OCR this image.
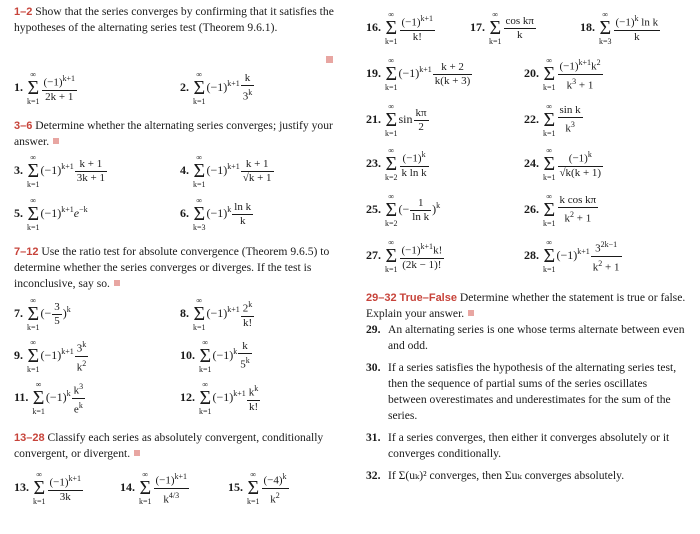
1–2 Show that the series converges by confirming that it satisfies the hypotheses of the alternating series test (Theorem 9.6.1).
1.
∞
Σ
$k=1 \frac{(-1)^{k+1}}{2k + 1}$	2.
∞
Σ
k=1
$(-1)^{k+1} \frac{k}{3^k}$
3–6 Determine whether the alternating series converges; justify your answer.
3.
∞
Σ
k=1
$(-1)^{k+1} \frac{k + 1}{3k + 1}$	4.
∞
Σ
k=1
$(-1)^{k+1} \frac{k + 1}{√k + 1}$
5.
∞
Σ
k=1
$(-1)^{k+1}e^{-k}$	6.
∞
Σ
k=3
$(-1)^k \frac{\text{ln k}}{k}$
7–12 Use the ratio test for absolute convergence (Theorem 9.6.5) to determine whether the series converges or diverges. If the test is inconclusive, say so.
7.
∞
Σ
k=1
(− $\frac{3}{5} )^k$	8.
∞
Σ
k=1
$(-1)^{k+1} \frac{2^k}{k!}$
9.
∞
Σ
k=1
$(-1)^{k+1} \frac{3^k}{k^2}$	10.
∞
Σ
k=1
$(-1)^k \frac{k}{5^k}$
11.
∞
Σ
k=1
$(-1)^k \frac{k^3}{e^k}$	12.
∞
Σ
k=1
$(-1)^{k+1} \frac{k^k}{k!}$
13–28 Classify each series as absolutely convergent, conditionally convergent, or divergent.
13.
∞
Σ
$k=1 \frac{(-1)^{k+1}}{3k}$	14.
∞
Σ
$k=1 \frac{(-1)^{k+1}}{k^{4/3}}$	15.
∞
Σ
$k=1 \frac{(-4)^k}{k^2}$
16.
∞
Σ
$k=1 \frac{(-1)^{k+1}}{k!}$	17.
∞
Σ
$k=1 \frac{\text{cos kπ}}{k}$	18.
∞
Σ
$k=3 \frac{(-1)^k \ln k}{k}$
19.
∞
Σ
k=1
$(-1)^{k+1} \frac{k + 2}{k(k + 3)}$	20.
∞
Σ
$k=1 \frac{(-1)^{k+1}k^2}{k^3 + 1}$
21.
∞
Σ
k=1
$\sin \frac{k\pi}{2}$	22.
∞
Σ
$k=1 \frac{\text{sin k}}{k^3}$
23.
∞
Σ
$k=2 \frac{(-1)^k}{\text{k ln k}}$	24.
∞
Σ
$k=1 \frac{(-1)^k}{√k(k + 1)}$
25.
∞
Σ
k=2
(− $\frac{1}{\text{ln k}} )^k$	26.
∞
Σ
$k=1 \frac{\text{k cos kπ}}{k^2 + 1}$
27.
∞
Σ
$k=1 \frac{(-1)^{k+1}k!}{(2k - 1)!}$	28.
∞
Σ
k=1
$(-1)^{k+1} \frac{3^{2k-1}}{k^2 + 1}$
29–32 True–False Determine whether the statement is true or false. Explain your answer.
29. An alternating series is one whose terms alternate between even and odd.
30. If a series satisfies the hypothesis of the alternating series test, then the sequence of partial sums of the series oscillates between overestimates and underestimates for the sum of the series.
31. If a series converges, then either it converges absolutely or it converges conditionally.
32. If Σ(uₖ)² converges, then Σuₖ converges absolutely.
